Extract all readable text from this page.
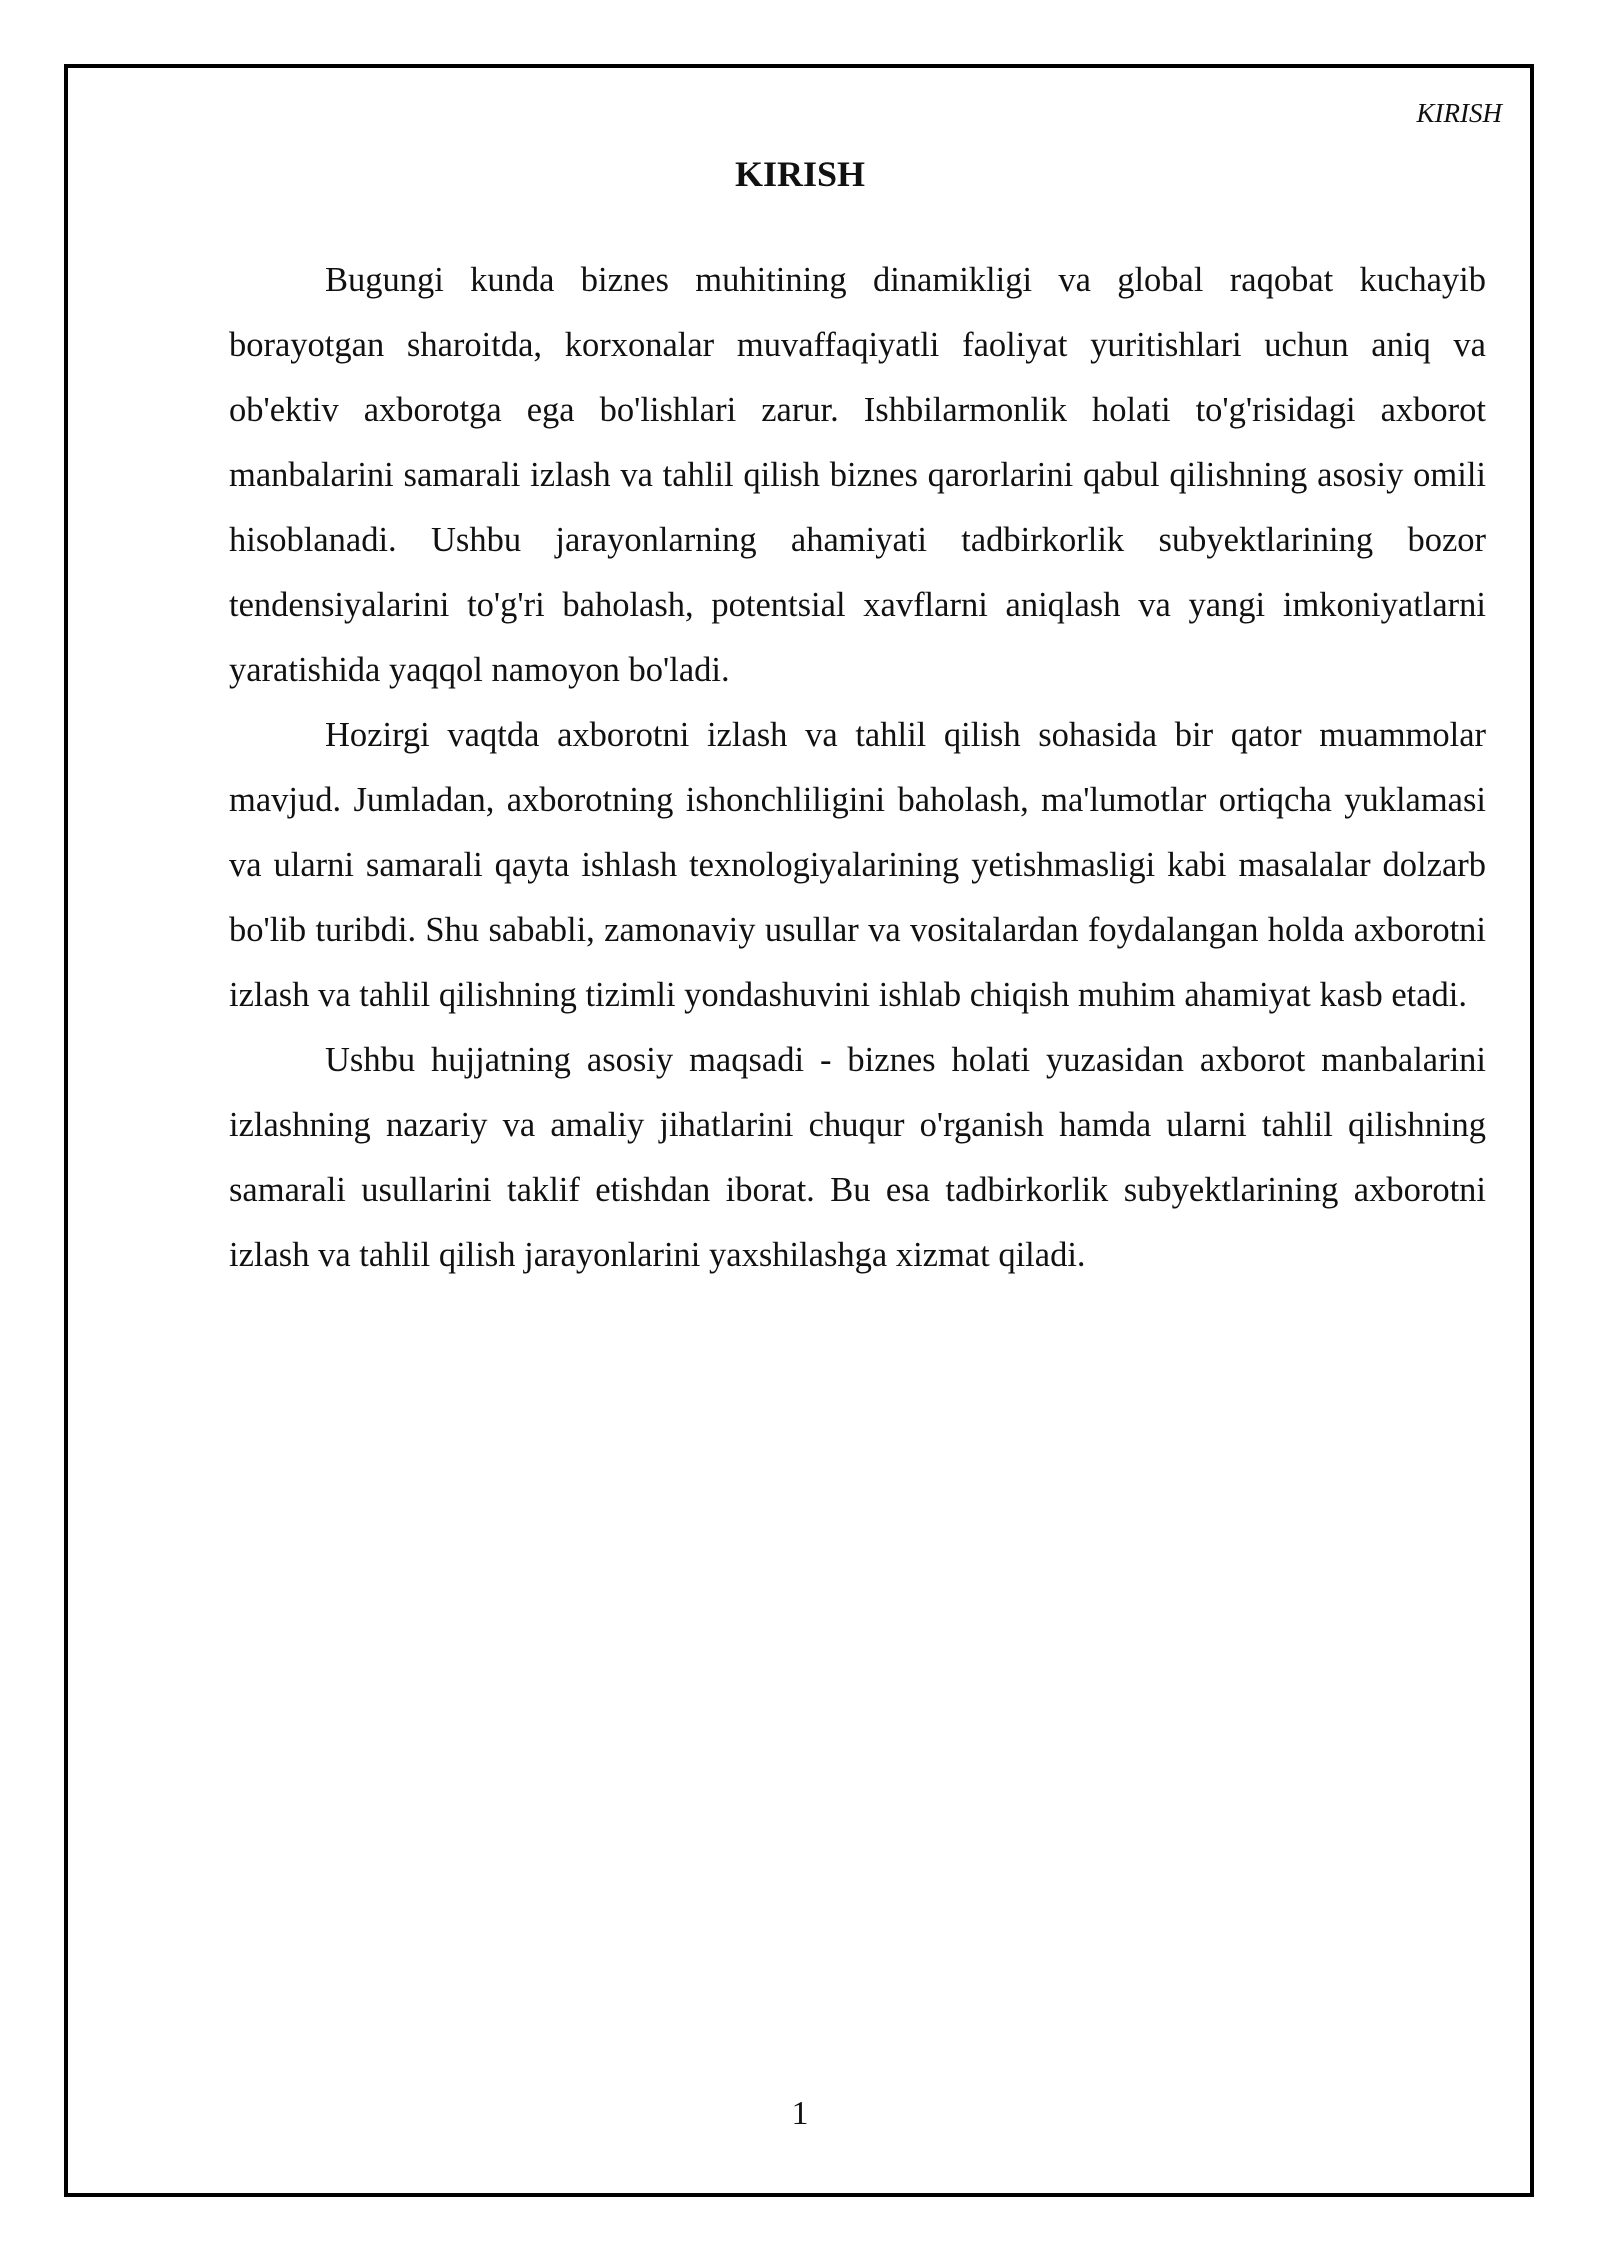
KIRISH
KIRISH

Bugungi kunda biznes muhitining dinamikligi va global raqobat kuchayib borayotgan sharoitda, korxonalar muvaffaqiyatli faoliyat yuritishlari uchun aniq va ob'ektiv axborotga ega bo'lishlari zarur. Ishbilarmonlik holati to'g'risidagi axborot manbalarini samarali izlash va tahlil qilish biznes qarorlarini qabul qilishning asosiy omili hisoblanadi. Ushbu jarayonlarning ahamiyati tadbirkorlik subyektlarining bozor tendensiyalarini to'g'ri baholash, potentsial xavflarni aniqlash va yangi imkoniyatlarni yaratishida yaqqol namoyon bo'ladi.

Hozirgi vaqtda axborotni izlash va tahlil qilish sohasida bir qator muammolar mavjud. Jumladan, axborotning ishonchliligini baholash, ma'lumotlar ortiqcha yuklamasi va ularni samarali qayta ishlash texnologiyalarining yetishmasligi kabi masalalar dolzarb bo'lib turibdi. Shu sababli, zamonaviy usullar va vositalardan foydalangan holda axborotni izlash va tahlil qilishning tizimli yondashuvini ishlab chiqish muhim ahamiyat kasb etadi.

Ushbu hujjatning asosiy maqsadi - biznes holati yuzasidan axborot manbalarini izlashning nazariy va amaliy jihatlarini chuqur o'rganish hamda ularni tahlil qilishning samarali usullarini taklif etishdan iborat. Bu esa tadbirkorlik subyektlarining axborotni izlash va tahlil qilish jarayonlarini yaxshilashga xizmat qiladi.

1
